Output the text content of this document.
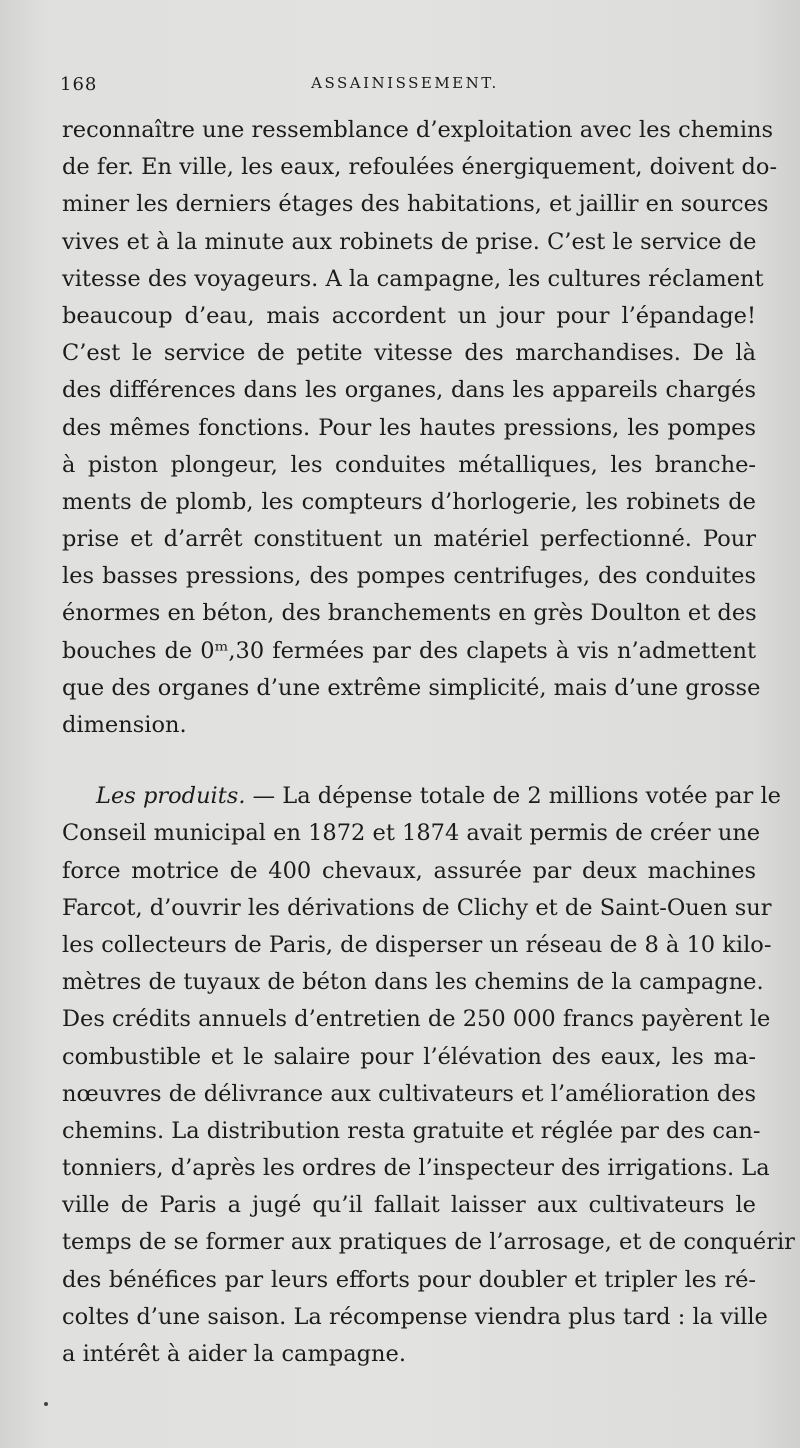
168	ASSAINISSEMENT.
reconnaître une ressemblance d’exploitation avec les chemins
de fer. En ville, les eaux, refoulées énergiquement, doivent do-
miner les derniers étages des habitations, et jaillir en sources
vives et à la minute aux robinets de prise. C’est le service de
vitesse des voyageurs. A la campagne, les cultures réclament
beaucoup d’eau, mais accordent un jour pour l’épandage!
C’est le service de petite vitesse des marchandises. De là
des différences dans les organes, dans les appareils chargés
des mêmes fonctions. Pour les hautes pressions, les pompes
à piston plongeur, les conduites métalliques, les branche-
ments de plomb, les compteurs d’horlogerie, les robinets de
prise et d’arrêt constituent un matériel perfectionné. Pour
les basses pressions, des pompes centrifuges, des conduites
énormes en béton, des branchements en grès Doulton et des
bouches de 0ᵐ,30 fermées par des clapets à vis n’admettent
que des organes d’une extrême simplicité, mais d’une grosse
dimension.
Les produits. — La dépense totale de 2 millions votée par le
Conseil municipal en 1872 et 1874 avait permis de créer une
force motrice de 400 chevaux, assurée par deux machines
Farcot, d’ouvrir les dérivations de Clichy et de Saint-Ouen sur
les collecteurs de Paris, de disperser un réseau de 8 à 10 kilo-
mètres de tuyaux de béton dans les chemins de la campagne.
Des crédits annuels d’entretien de 250 000 francs payèrent le
combustible et le salaire pour l’élévation des eaux, les ma-
nœuvres de délivrance aux cultivateurs et l’amélioration des
chemins. La distribution resta gratuite et réglée par des can-
tonniers, d’après les ordres de l’inspecteur des irrigations. La
ville de Paris a jugé qu’il fallait laisser aux cultivateurs le
temps de se former aux pratiques de l’arrosage, et de conquérir
des bénéfices par leurs efforts pour doubler et tripler les ré-
coltes d’une saison. La récompense viendra plus tard : la ville
a intérêt à aider la campagne.
